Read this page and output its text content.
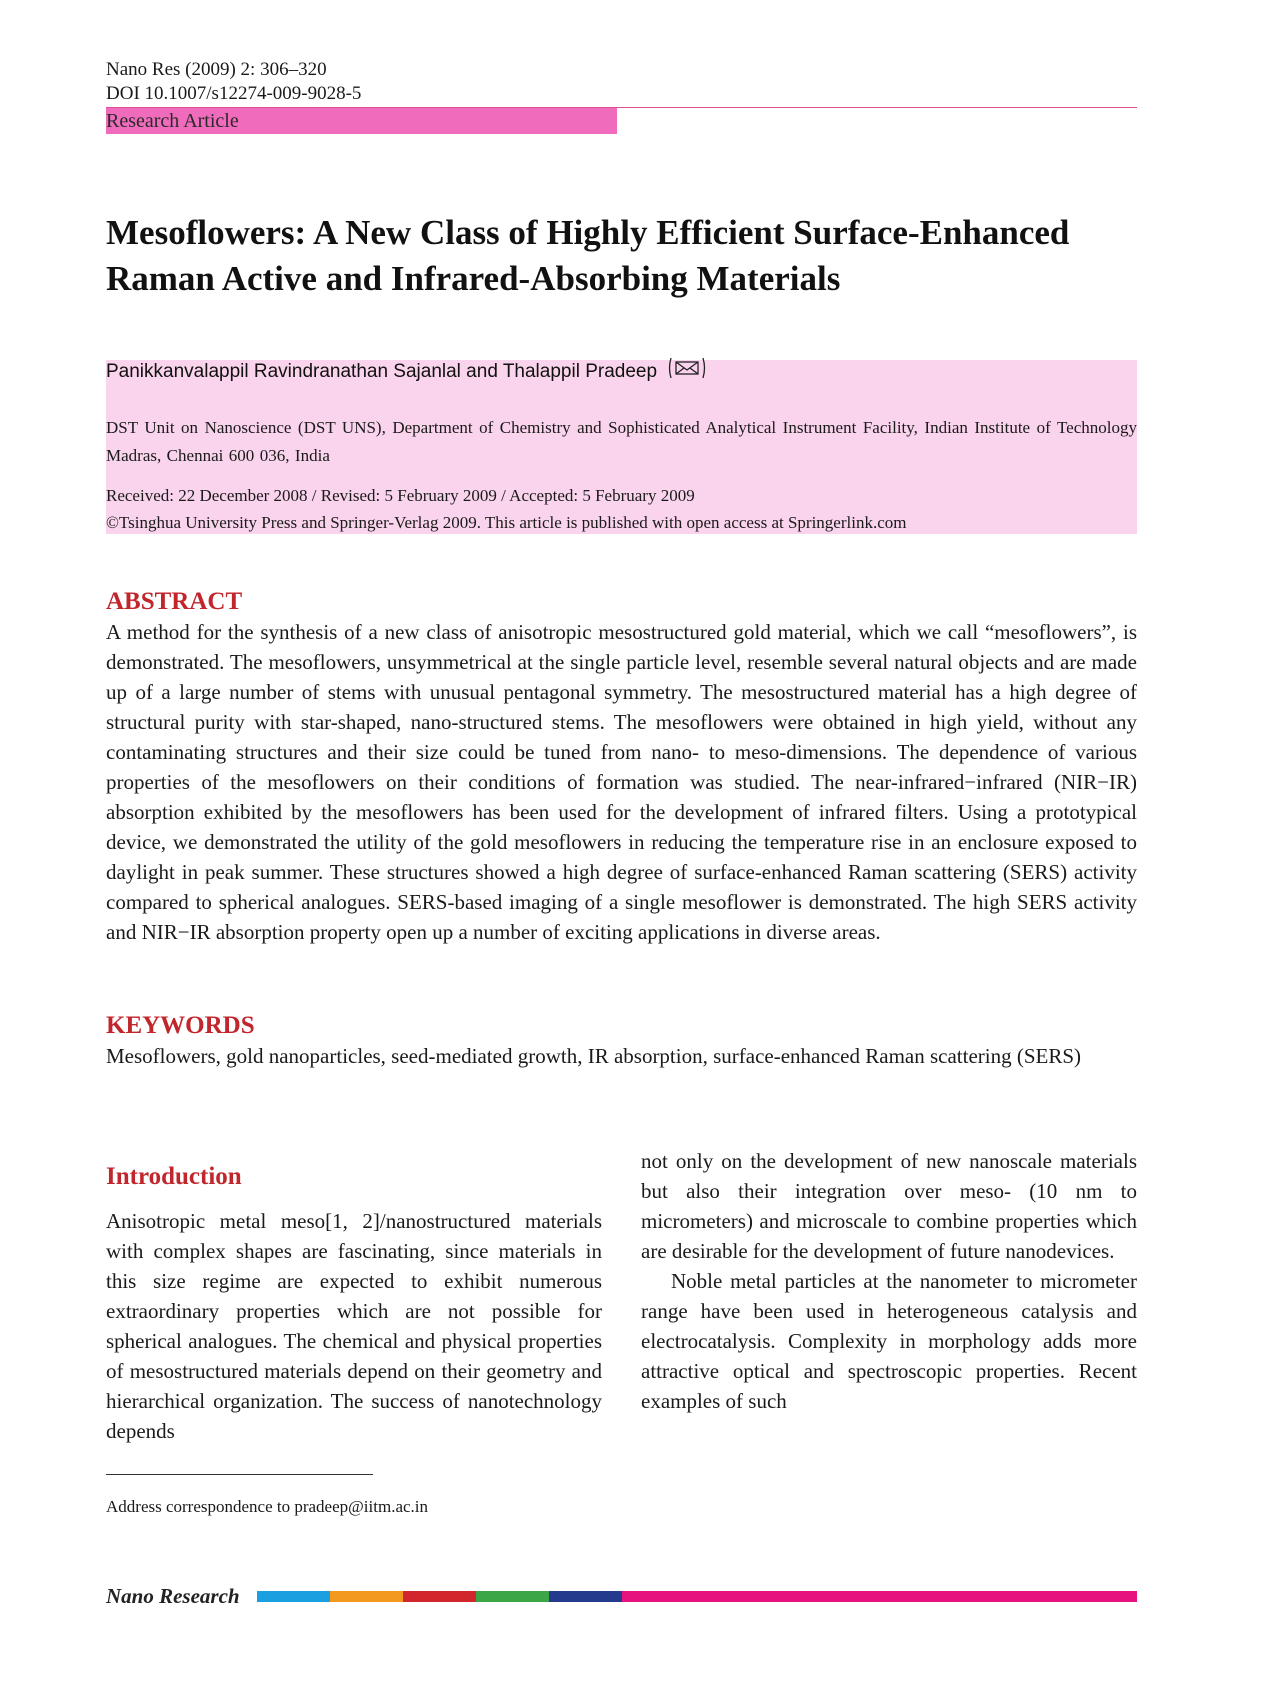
Nano Res (2009) 2: 306–320
DOI 10.1007/s12274-009-9028-5
Research Article
Mesoflowers: A New Class of Highly Efficient Surface-Enhanced Raman Active and Infrared-Absorbing Materials
Panikkanvalappil Ravindranathan Sajanlal and Thalappil Pradeep
DST Unit on Nanoscience (DST UNS), Department of Chemistry and Sophisticated Analytical Instrument Facility, Indian Institute of Technology Madras, Chennai 600 036, India
Received: 22 December 2008 / Revised: 5 February 2009 / Accepted: 5 February 2009
©Tsinghua University Press and Springer-Verlag 2009. This article is published with open access at Springerlink.com
ABSTRACT

A method for the synthesis of a new class of anisotropic mesostructured gold material, which we call “mesoflowers”, is demonstrated. The mesoflowers, unsymmetrical at the single particle level, resemble several natural objects and are made up of a large number of stems with unusual pentagonal symmetry. The mesostructured material has a high degree of structural purity with star-shaped, nano-structured stems. The mesoflowers were obtained in high yield, without any contaminating structures and their size could be tuned from nano- to meso-dimensions. The dependence of various properties of the mesoflowers on their conditions of formation was studied. The near-infrared−infrared (NIR−IR) absorption exhibited by the mesoflowers has been used for the development of infrared filters. Using a prototypical device, we demonstrated the utility of the gold mesoflowers in reducing the temperature rise in an enclosure exposed to daylight in peak summer. These structures showed a high degree of surface-enhanced Raman scattering (SERS) activity compared to spherical analogues. SERS-based imaging of a single mesoflower is demonstrated. The high SERS activity and NIR−IR absorption property open up a number of exciting applications in diverse areas.

KEYWORDS

Mesoflowers, gold nanoparticles, seed-mediated growth, IR absorption, surface-enhanced Raman scattering (SERS)

Introduction

Anisotropic metal meso[1, 2]/nanostructured materials with complex shapes are fascinating, since materials in this size regime are expected to exhibit numerous extraordinary properties which are not possible for spherical analogues. The chemical and physical properties of mesostructured materials depend on their geometry and hierarchical organization. The success of nanotechnology depends

not only on the development of new nanoscale materials but also their integration over meso- (10 nm to micrometers) and microscale to combine properties which are desirable for the development of future nanodevices.
Noble metal particles at the nanometer to micrometer range have been used in heterogeneous catalysis and electrocatalysis. Complexity in morphology adds more attractive optical and spectroscopic properties. Recent examples of such
Address correspondence to pradeep@iitm.ac.in
Nano Research
